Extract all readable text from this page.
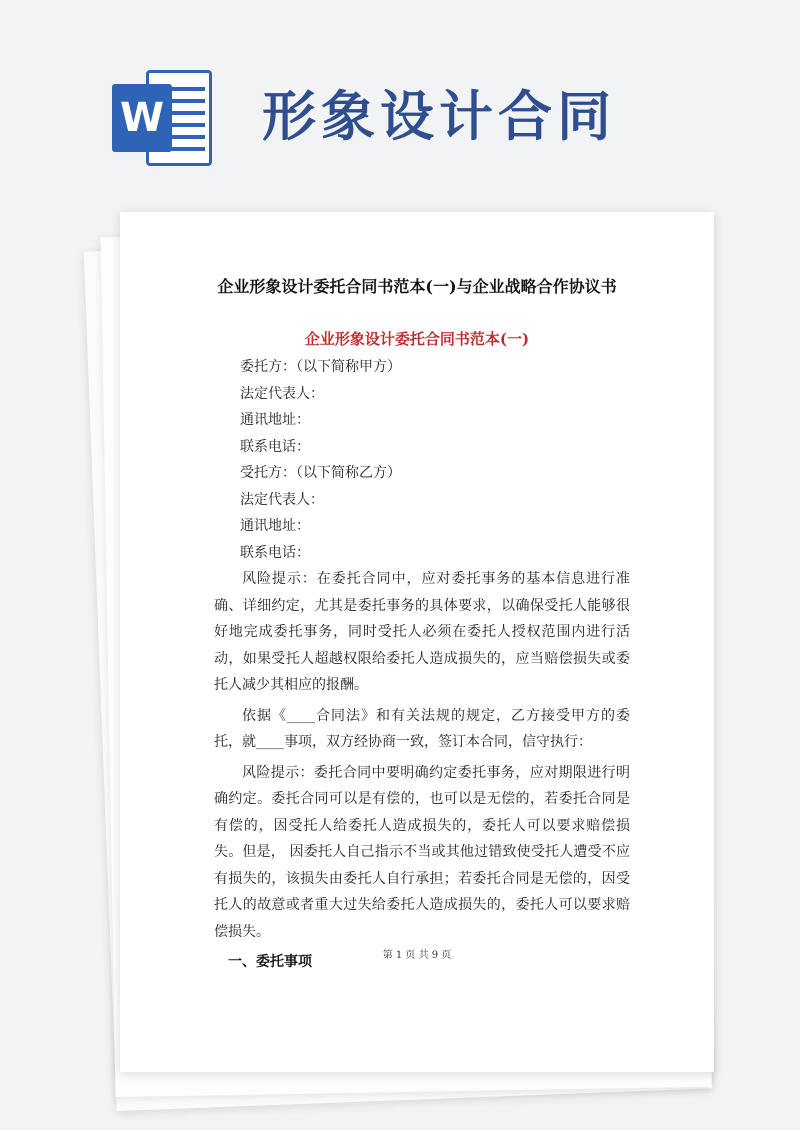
W 形象设计合同
企业形象设计委托合同书范本(一)与企业战略合作协议书
企业形象设计委托合同书范本(一)
委托方：（以下简称甲方）
法定代表人：
通讯地址：
联系电话：
受托方：（以下简称乙方）
法定代表人：
通讯地址：
联系电话：

风险提示：在委托合同中，应对委托事务的基本信息进行准确、详细约定，尤其是委托事务的具体要求，以确保受托人能够很好地完成委托事务，同时受托人必须在委托人授权范围内进行活动，如果受托人超越权限给委托人造成损失的，应当赔偿损失或委托人减少其相应的报酬。

依据《____合同法》和有关法规的规定，乙方接受甲方的委托，就____事项，双方经协商一致，签订本合同，信守执行：

风险提示：委托合同中要明确约定委托事务，应对期限进行明确约定。委托合同可以是有偿的，也可以是无偿的，若委托合同是有偿的，因受托人给委托人造成损失的，委托人可以要求赔偿损失。但是， 因委托人自己指示不当或其他过错致使受托人遭受不应有损失的，该损失由委托人自行承担；若委托合同是无偿的，因受托人的故意或者重大过失给委托人造成损失的，委托人可以要求赔偿损失。

一、委托事项	第 1 页 共 9 页
